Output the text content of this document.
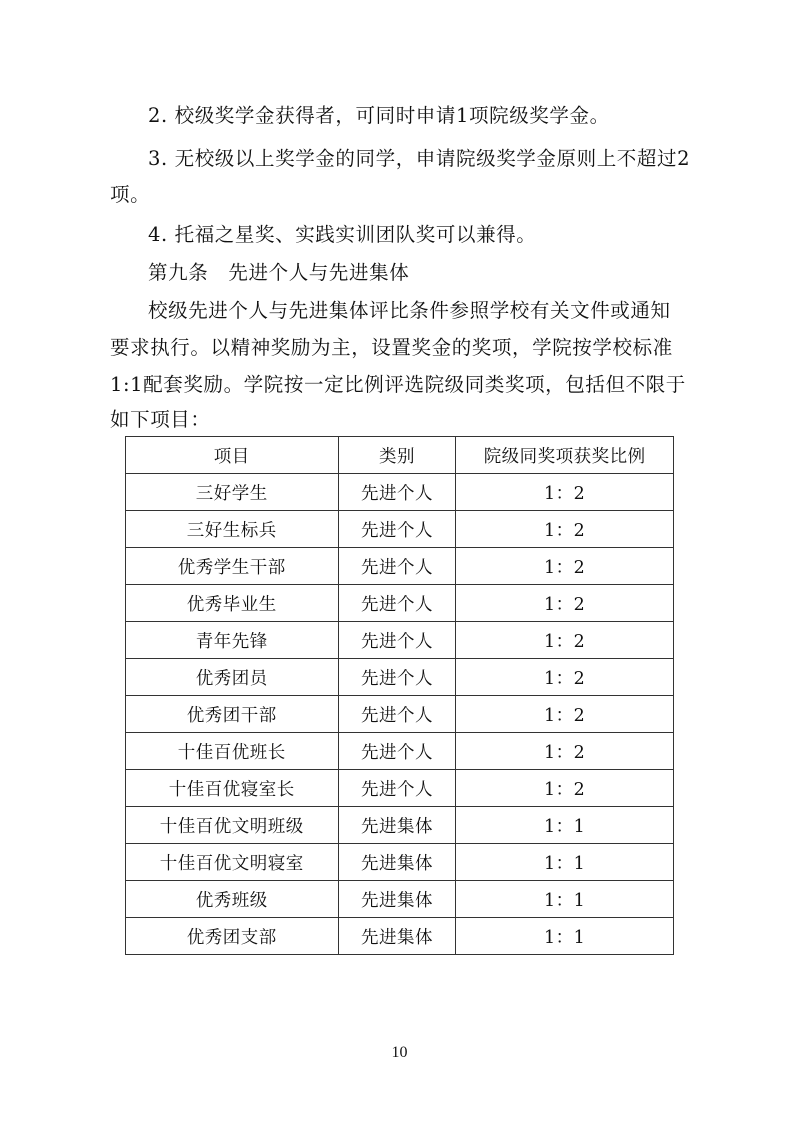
2. 校级奖学金获得者，可同时申请1项院级奖学金。

3. 无校级以上奖学金的同学，申请院级奖学金原则上不超过2

项。

4. 托福之星奖、实践实训团队奖可以兼得。

第九条　先进个人与先进集体

校级先进个人与先进集体评比条件参照学校有关文件或通知

要求执行。以精神奖励为主，设置奖金的奖项，学院按学校标准

1:1配套奖励。学院按一定比例评选院级同类奖项，包括但不限于

如下项目：

项目	类别	院级同奖项获奖比例
三好学生	先进个人	1：2
三好生标兵	先进个人	1：2
优秀学生干部	先进个人	1：2
优秀毕业生	先进个人	1：2
青年先锋	先进个人	1：2
优秀团员	先进个人	1：2
优秀团干部	先进个人	1：2
十佳百优班长	先进个人	1：2
十佳百优寝室长	先进个人	1：2
十佳百优文明班级	先进集体	1：1
十佳百优文明寝室	先进集体	1：1
优秀班级	先进集体	1：1
优秀团支部	先进集体	1：1
10
